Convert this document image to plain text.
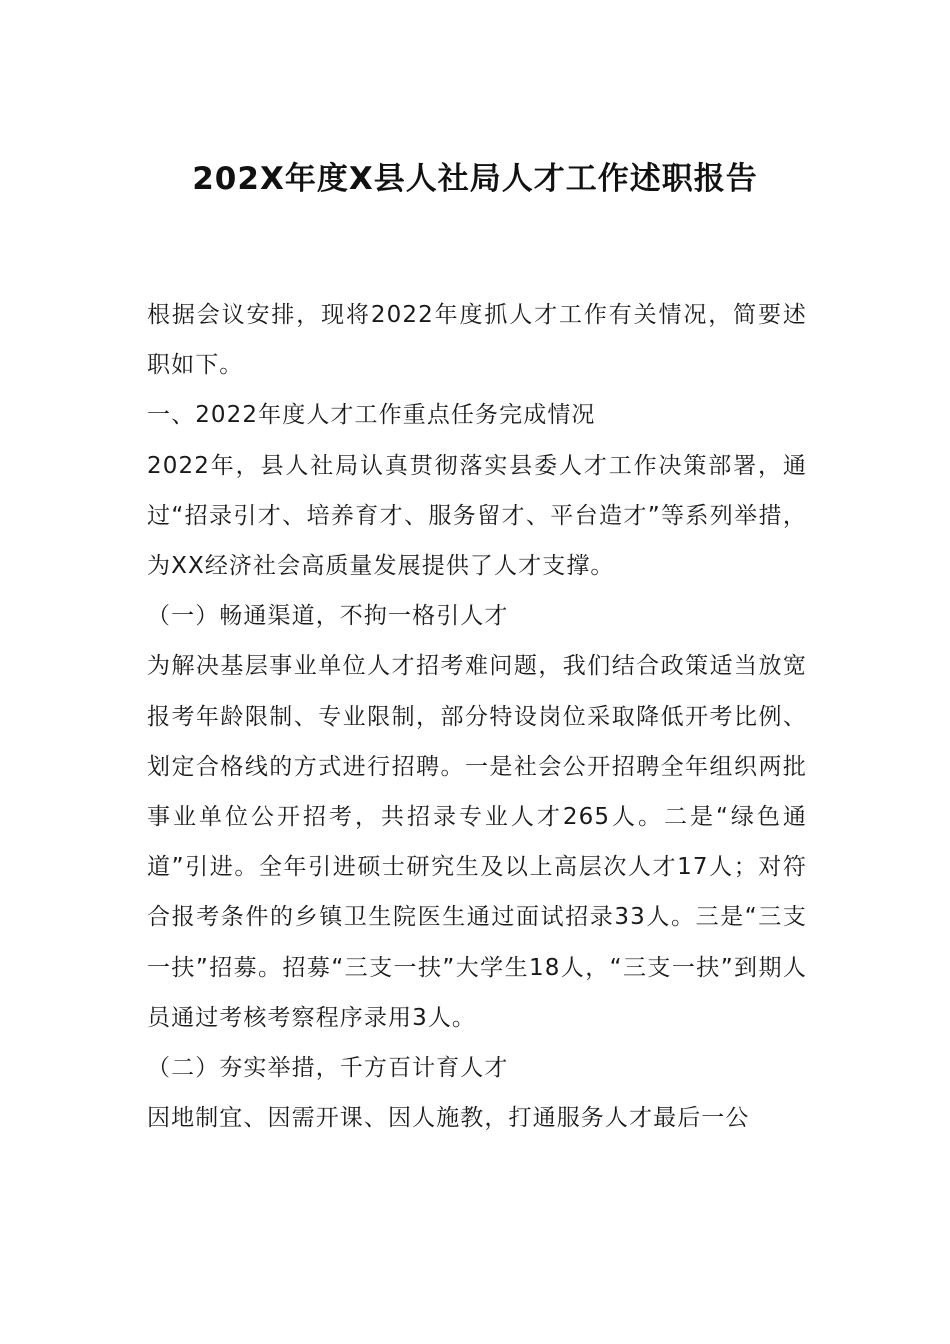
202X年度X县人社局人才工作述职报告

根据会议安排，现将2022年度抓人才工作有关情况，简要述职如下。

一、2022年度人才工作重点任务完成情况

2022年，县人社局认真贯彻落实县委人才工作决策部署，通过“招录引才、培养育才、服务留才、平台造才”等系列举措，为XX经济社会高质量发展提供了人才支撑。

（一）畅通渠道，不拘一格引人才

为解决基层事业单位人才招考难问题，我们结合政策适当放宽报考年龄限制、专业限制，部分特设岗位采取降低开考比例、划定合格线的方式进行招聘。一是社会公开招聘全年组织两批事业单位公开招考，共招录专业人才265人。二是“绿色通道”引进。全年引进硕士研究生及以上高层次人才17人；对符合报考条件的乡镇卫生院医生通过面试招录33人。三是“三支一扶”招募。招募“三支一扶”大学生18人，“三支一扶”到期人员通过考核考察程序录用3人。

（二）夯实举措，千方百计育人才

因地制宜、因需开课、因人施教，打通服务人才最后一公
